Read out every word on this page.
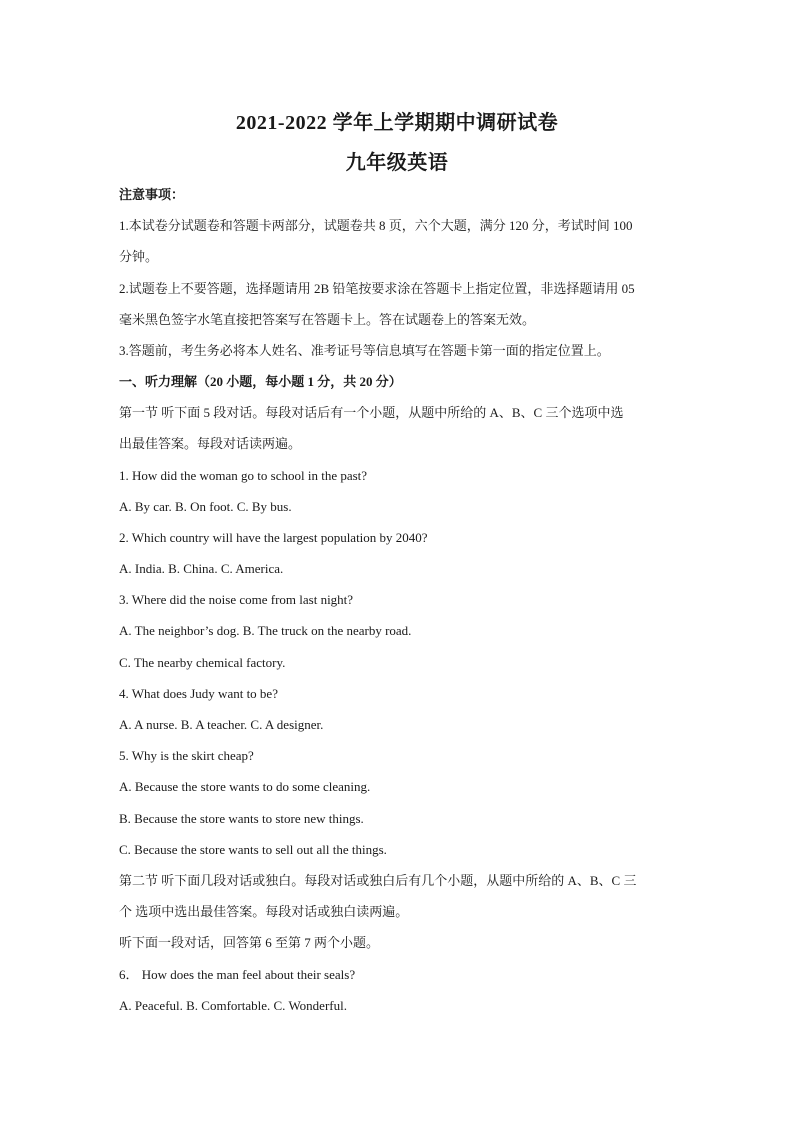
2021-2022 学年上学期期中调研试卷
九年级英语
注意事项：
1.本试卷分试题卷和答题卡两部分，试题卷共 8 页，六个大题，满分 120 分，考试时间 100
分钟。
2.试题卷上不要答题，选择题请用 2B 铅笔按要求涂在答题卡上指定位置，非选择题请用 05
毫米黑色签字水笔直接把答案写在答题卡上。答在试题卷上的答案无效。
3.答题前，考生务必将本人姓名、准考证号等信息填写在答题卡第一面的指定位置上。
一、听力理解（20 小题，每小题 1 分，共 20 分）
第一节 听下面 5 段对话。每段对话后有一个小题，从题中所给的 A、B、C 三个选项中选
出最佳答案。每段对话读两遍。
1. How did the woman go to school in the past?
A. By car. B. On foot. C. By bus.
2. Which country will have the largest population by 2040?
A. India. B. China. C. America.
3. Where did the noise come from last night?
A. The neighbor’s dog. B. The truck on the nearby road.
C. The nearby chemical factory.
4. What does Judy want to be?
A. A nurse. B. A teacher. C. A designer.
5. Why is the skirt cheap?
A. Because the store wants to do some cleaning.
B. Because the store wants to store new things.
C. Because the store wants to sell out all the things.
第二节 听下面几段对话或独白。每段对话或独白后有几个小题，从题中所给的 A、B、C 三
个 选项中选出最佳答案。每段对话或独白读两遍。
听下面一段对话，回答第 6 至第 7 两个小题。
6． How does the man feel about their seals?
A. Peaceful. B. Comfortable. C. Wonderful.
